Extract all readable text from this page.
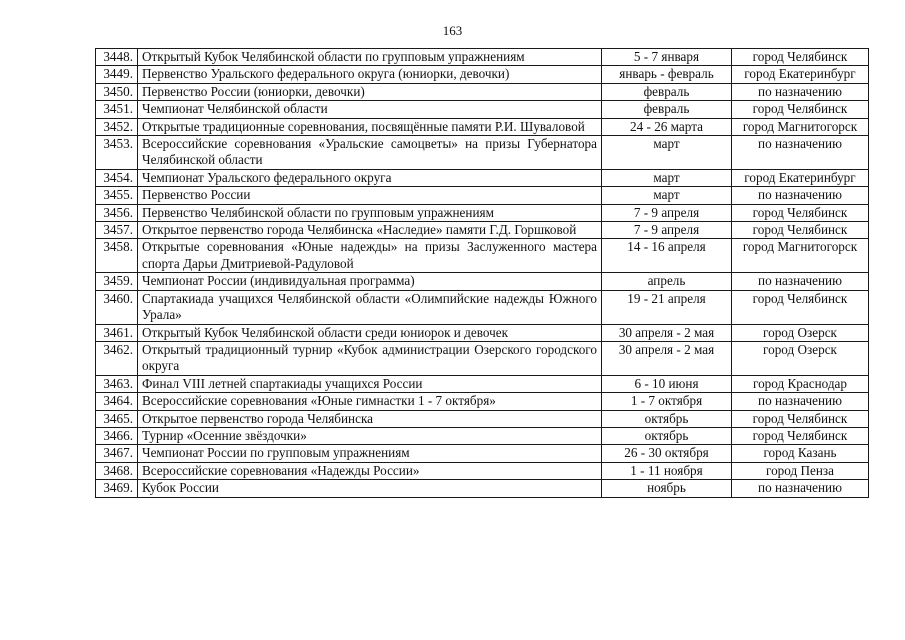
163
3448.	Открытый Кубок Челябинской области по групповым упражнениям	5 - 7 января	город Челябинск
3449.	Первенство Уральского федерального округа (юниорки, девочки)	январь - февраль	город Екатеринбург
3450.	Первенство России (юниорки, девочки)	февраль	по назначению
3451.	Чемпионат Челябинской области	февраль	город Челябинск
3452.	Открытые традиционные соревнования, посвящённые памяти Р.И. Шуваловой	24 - 26 марта	город Магнитогорск
3453.	Всероссийские соревнования «Уральские самоцветы» на призы Губернатора Челябинской области	март	по назначению
3454.	Чемпионат Уральского федерального округа	март	город Екатеринбург
3455.	Первенство России	март	по назначению
3456.	Первенство Челябинской области по групповым упражнениям	7 - 9 апреля	город Челябинск
3457.	Открытое первенство города Челябинска «Наследие» памяти Г.Д. Горшковой	7 - 9 апреля	город Челябинск
3458.	Открытые соревнования «Юные надежды» на призы Заслуженного мастера спорта Дарьи Дмитриевой-Радуловой	14 - 16 апреля	город Магнитогорск
3459.	Чемпионат России (индивидуальная программа)	апрель	по назначению
3460.	Спартакиада учащихся Челябинской области «Олимпийские надежды Южного Урала»	19 - 21 апреля	город Челябинск
3461.	Открытый Кубок Челябинской области среди юниорок и девочек	30 апреля - 2 мая	город Озерск
3462.	Открытый традиционный турнир «Кубок администрации Озерского городского округа	30 апреля - 2 мая	город Озерск
3463.	Финал VIII летней спартакиады учащихся России	6 - 10 июня	город Краснодар
3464.	Всероссийские соревнования «Юные гимнастки 1 - 7 октября»	1 - 7 октября	по назначению
3465.	Открытое первенство города Челябинска	октябрь	город Челябинск
3466.	Турнир «Осенние звёздочки»	октябрь	город Челябинск
3467.	Чемпионат России по групповым упражнениям	26 - 30 октября	город Казань
3468.	Всероссийские соревнования «Надежды России»	1 - 11 ноября	город Пенза
3469.	Кубок России	ноябрь	по назначению
